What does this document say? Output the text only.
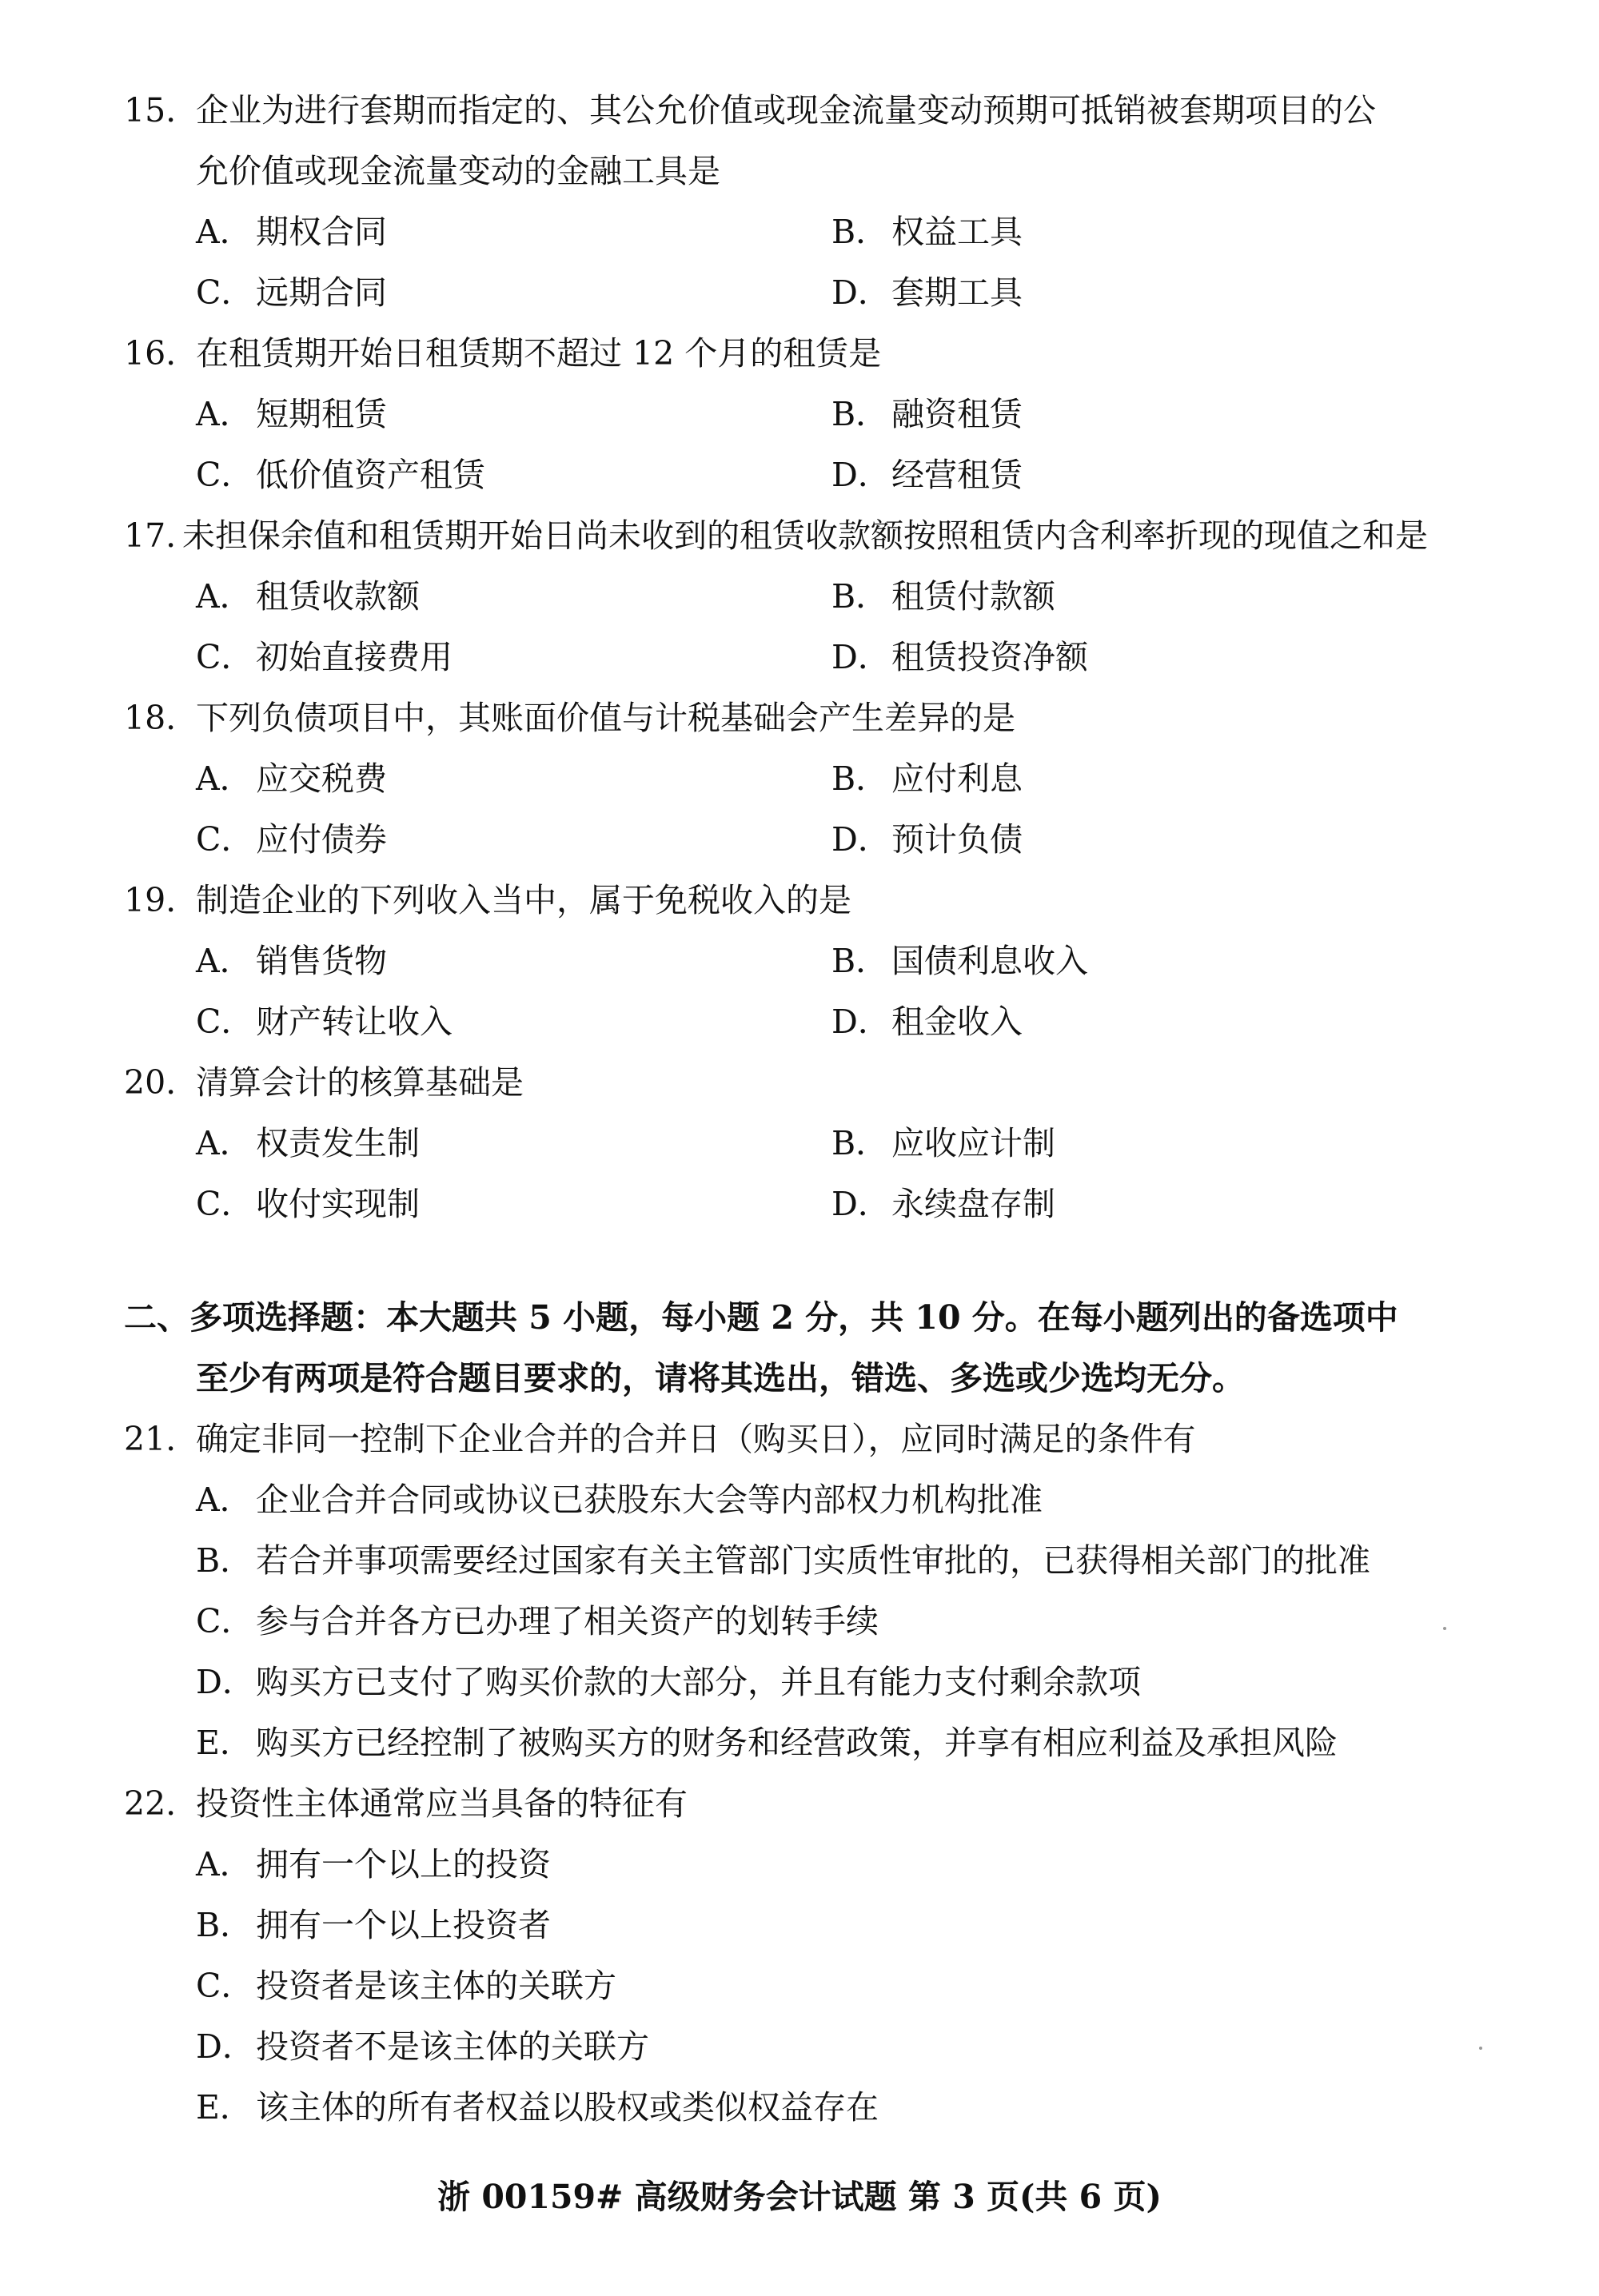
15. 企业为进行套期而指定的、其公允价值或现金流量变动预期可抵销被套期项目的公
允价值或现金流量变动的金融工具是
A． 期权合同	B．权益工具
C．远期合同	D．套期工具
16. 在租赁期开始日租赁期不超过 12 个月的租赁是
A． 短期租赁	B．融资租赁
C．低价值资产租赁	D．经营租赁
17. 未担保余值和租赁期开始日尚未收到的租赁收款额按照租赁内含利率折现的现值之和是
A． 租赁收款额	B．租赁付款额
C．初始直接费用	D．租赁投资净额
18. 下列负债项目中，其账面价值与计税基础会产生差异的是
A． 应交税费	B．应付利息
C．应付债券	D．预计负债
19. 制造企业的下列收入当中，属于免税收入的是
A． 销售货物	B．国债利息收入
C．财产转让收入	D．租金收入
20. 清算会计的核算基础是
A． 权责发生制	B．应收应计制
C．收付实现制	D．永续盘存制
二、多项选择题：本大题共 5 小题，每小题 2 分，共 10 分。在每小题列出的备选项中
至少有两项是符合题目要求的，请将其选出，错选、多选或少选均无分。
21. 确定非同一控制下企业合并的合并日（购买日），应同时满足的条件有
A． 企业合并合同或协议已获股东大会等内部权力机构批准
B．若合并事项需要经过国家有关主管部门实质性审批的，已获得相关部门的批准
C．参与合并各方已办理了相关资产的划转手续
D．购买方已支付了购买价款的大部分，并且有能力支付剩余款项
E．购买方已经控制了被购买方的财务和经营政策，并享有相应利益及承担风险
22. 投资性主体通常应当具备的特征有
A． 拥有一个以上的投资
B．拥有一个以上投资者
C．投资者是该主体的关联方
D．投资者不是该主体的关联方
E．该主体的所有者权益以股权或类似权益存在
浙 00159# 高级财务会计试题 第 3 页(共 6 页)
